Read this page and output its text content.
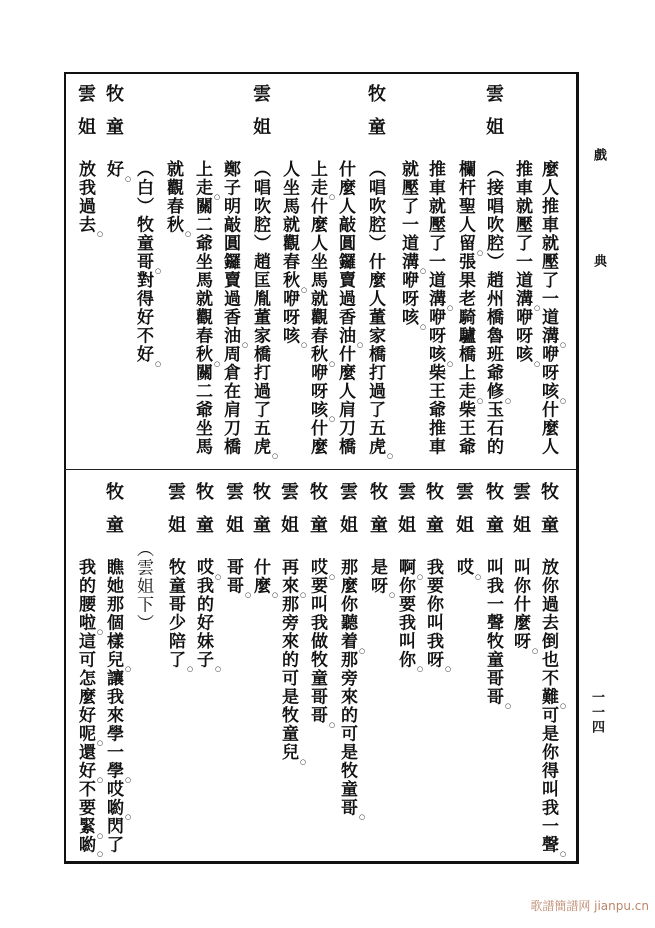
戲
典
一一四
麼人推車就壓了一道溝○咿呀咳○什麼人
推車就壓了一道溝○咿呀咳○
雲姐
（接唱吹腔）趙州橋魯班爺修○玉石的
欄杆聖人留○張果老騎驢橋上走○柴王爺
推車就壓了一道溝○咿呀咳○柴王爺推車
就壓了一道溝○咿呀咳○
牧童
（唱吹腔）什麼人董家橋打過了五虎○
什麼人敲圓鑼賣過香油○什麼人肩刀橋
上走○什麼人坐馬就觀春秋○咿呀咳○什麼
人坐馬就觀春秋○咿呀咳○
雲姐
（唱吹腔）趙匡胤董家橋打過了五虎○
鄭子明敲圓鑼賣過香油○周倉在肩刀橋
上走○關二爺坐馬就觀春秋○關二爺坐馬
就觀春秋○
（白）牧童哥○對得好不好○
牧童
好○
雲姐
放我過去○
牧童
放你過去倒也不難○可是你得叫我一聲○
雲姐
叫你什麼呀○
牧童
叫我一聲牧童哥哥○
雲姐
哎○
牧童
我要你叫我呀○
雲姐
啊○你要我叫你○
牧童
是呀○
雲姐
那麼你聽着○那旁來的可是牧童哥○
牧童
哎○要叫我做牧童哥哥○
雲姐
再來○那旁來的可是牧童兒○
牧童
什麼○
雲姐
哥哥○
牧童
哎○我的好妹子○
雲姐
牧童哥少陪了○
（雲姐下）
牧童
瞧她那個樣兒○讓我來學一學○哎喲○閃了
我的腰啦○這可怎麼好呢○還好○不要緊○喲○
歌譜簡譜网 jianpu.cn
